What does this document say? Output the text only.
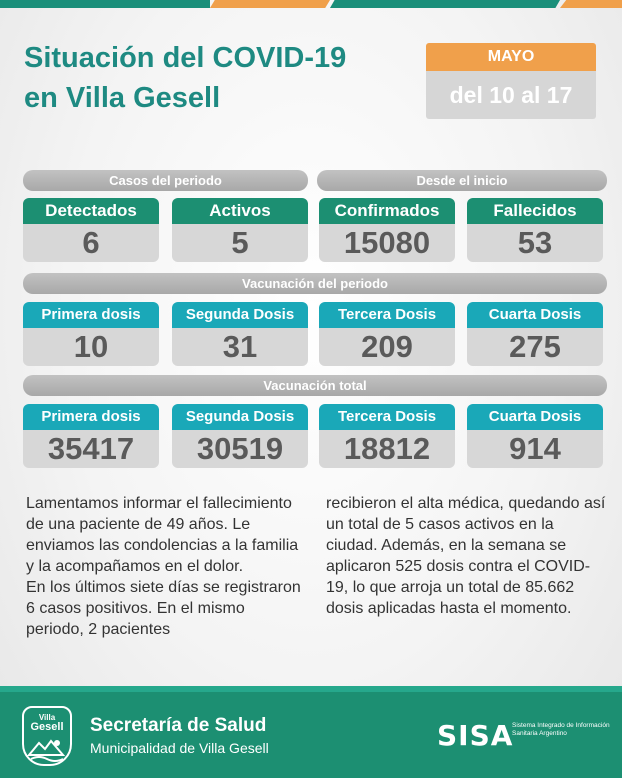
Situación del COVID-19
en Villa Gesell
MAYO
del 10 al 17
Casos del periodo	Desde el inicio
Detectados
6
Activos
5
Confirmados
15080
Fallecidos
53
Vacunación del periodo
Primera dosis
10
Segunda Dosis
31
Tercera Dosis
209
Cuarta Dosis
275
Vacunación total
Primera dosis
35417
Segunda Dosis
30519
Tercera Dosis
18812
Cuarta Dosis
914

Lamentamos informar el fallecimiento de una paciente de 49 años. Le enviamos las condolencias a la familia y la acompañamos en el dolor.

En los últimos siete días se registraron 6 casos positivos. En el mismo periodo, 2 pacientes

recibieron el alta médica, quedando así un total de 5 casos activos en la ciudad. Además, en la semana se aplicaron 525 dosis contra el COVID-19, lo que arroja un total de 85.662 dosis aplicadas hasta el momento.

Villa
Gesell	Secretaría de Salud
Municipalidad de Villa Gesell	SISA
Sistema Integrado de Información Sanitaria Argentino
